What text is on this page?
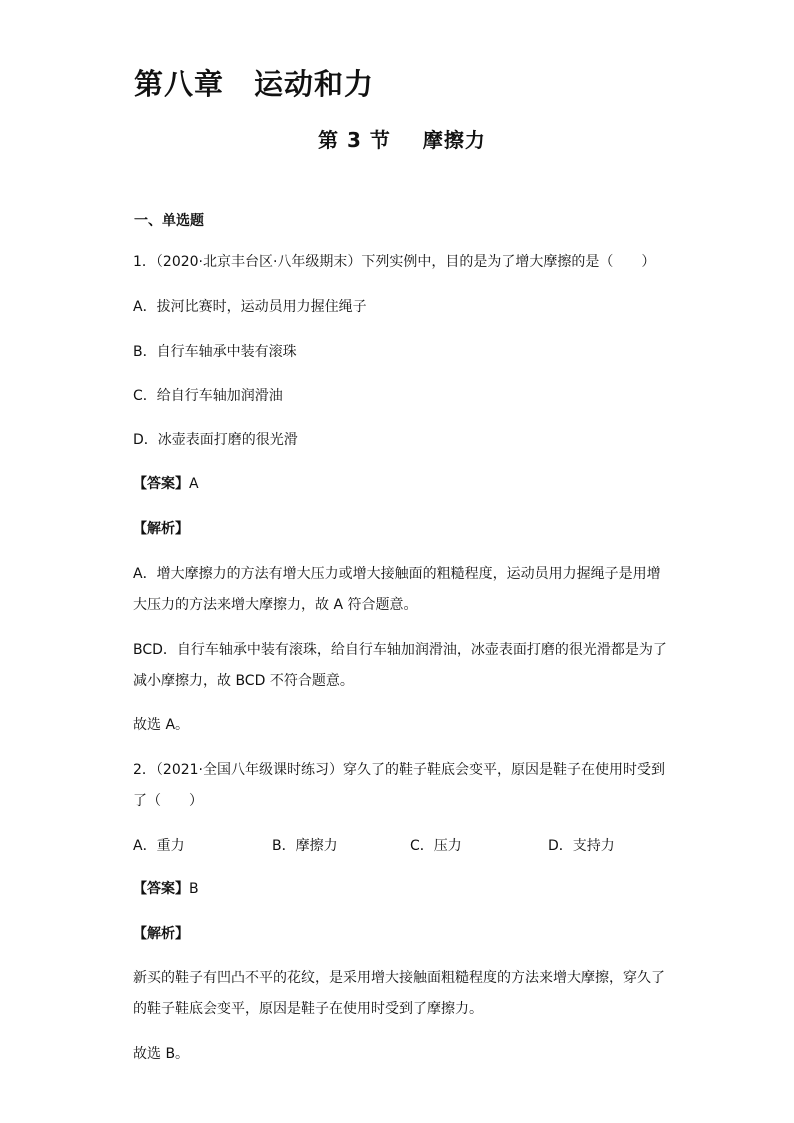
第八章　运动和力
第 3 节 摩擦力
一、单选题
1．（2020·北京丰台区·八年级期末）下列实例中，目的是为了增大摩擦的是（　　）
A．拔河比赛时，运动员用力握住绳子
B．自行车轴承中装有滚珠
C．给自行车轴加润滑油
D．冰壶表面打磨的很光滑
【答案】A
【解析】
A．增大摩擦力的方法有增大压力或增大接触面的粗糙程度，运动员用力握绳子是用增
大压力的方法来增大摩擦力，故 A 符合题意。
BCD．自行车轴承中装有滚珠，给自行车轴加润滑油，冰壶表面打磨的很光滑都是为了
减小摩擦力，故 BCD 不符合题意。
故选 A。
2．（2021·全国八年级课时练习）穿久了的鞋子鞋底会变平，原因是鞋子在使用时受到
了（　　）
A．重力	B．摩擦力	C．压力	D．支持力
【答案】B
【解析】
新买的鞋子有凹凸不平的花纹，是采用增大接触面粗糙程度的方法来增大摩擦，穿久了
的鞋子鞋底会变平，原因是鞋子在使用时受到了摩擦力。
故选 B。
